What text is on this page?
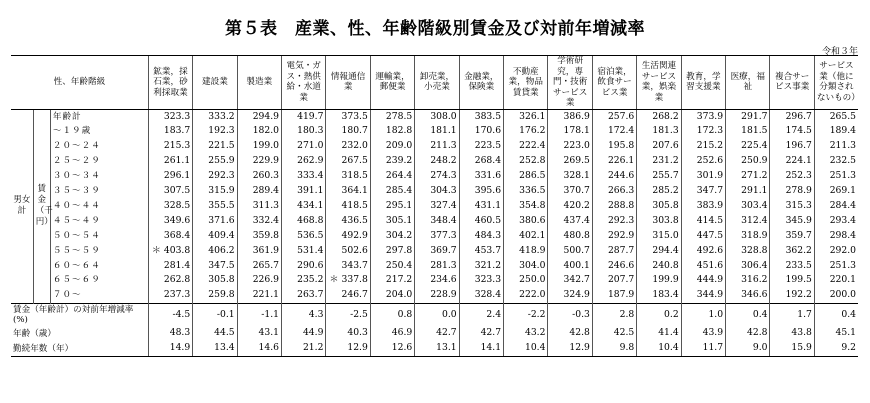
第５表　産業、性、年齢階級別賃金及び対前年増減率
令和３年
性、年齢階級			鉱業，採石業，砂利採取業	建設業	製造業	電気・ガス・熱供給・水道業	情報通信業	運輸業，郵便業	卸売業，小売業	金融業，保険業	不動産業，物品賃貸業	学術研究，専門・技術サービス業	宿泊業，飲食サービス業	生活関連サービス業，娯楽業	教育，学習支援業	医療，福祉	複合サービス事業	サービス業（他に分類されないもの）
男女計	賃金（千円）	年齢計	323.3	333.2	294.9	419.7	373.5	278.5	308.0	383.5	326.1	386.9	257.6	268.2	373.9	291.7	296.7	265.5
		～１９歳	183.7	192.3	182.0	180.3	180.7	182.8	181.1	170.6	176.2	178.1	172.4	181.3	172.3	181.5	174.5	189.4
		２０～２４	215.3	221.5	199.0	271.0	232.0	209.0	211.3	223.5	222.4	223.0	195.8	207.6	215.2	225.4	196.7	211.3
		２５～２９	261.1	255.9	229.9	262.9	267.5	239.2	248.2	268.4	252.8	269.5	226.1	231.2	252.6	250.9	224.1	232.5
		３０～３４	296.1	292.3	260.3	333.4	318.5	264.4	274.3	331.6	286.5	328.1	244.6	255.7	301.9	271.2	252.3	251.3
		３５～３９	307.5	315.9	289.4	391.1	364.1	285.4	304.3	395.6	336.5	370.7	266.3	285.2	347.7	291.1	278.9	269.1
		４０～４４	328.5	355.5	311.3	434.1	418.5	295.1	327.4	431.1	354.8	420.2	288.8	305.8	383.9	303.4	315.3	284.4
		４５～４９	349.6	371.6	332.4	468.8	436.5	305.1	348.4	460.5	380.6	437.4	292.3	303.8	414.5	312.4	345.9	293.4
		５０～５４	368.4	409.4	359.8	536.5	492.9	304.2	377.3	484.3	402.1	480.8	292.9	315.0	447.5	318.9	359.7	298.4
		５５～５９	＊ 403.8	406.2	361.9	531.4	502.6	297.8	369.7	453.7	418.9	500.7	287.7	294.4	492.6	328.8	362.2	292.0
		６０～６４	281.4	347.5	265.7	290.6	343.7	250.4	281.3	321.2	304.0	400.1	246.6	240.8	451.6	306.4	233.5	251.3
		６５～６９	262.8	305.8	226.9	235.2	＊ 337.8	217.2	234.6	323.3	250.0	342.7	207.7	199.9	444.9	316.2	199.5	220.1
		７０～	237.3	259.8	221.1	263.7	246.7	204.0	228.9	328.4	222.0	324.9	187.9	183.4	344.9	346.6	192.2	200.0
賃金（年齢計）の対前年増減率(%)			-4.5	-0.1	-1.1	4.3	-2.5	0.8	0.0	2.4	-2.2	-0.3	2.8	0.2	1.0	0.4	1.7	0.4
年齢（歳）			48.3	44.5	43.1	44.9	40.3	46.9	42.7	42.7	43.2	42.8	42.5	41.4	43.9	42.8	43.8	45.1
勤続年数（年）			14.9	13.4	14.6	21.2	12.9	12.6	13.1	14.1	10.4	12.9	9.8	10.4	11.7	9.0	15.9	9.2
